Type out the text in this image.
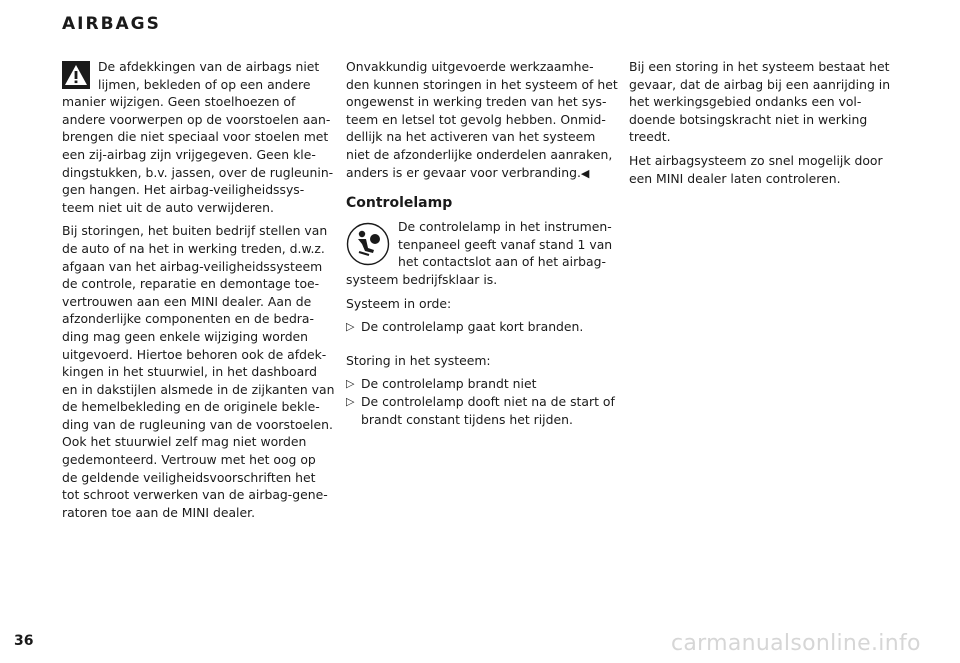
AIRBAGS

De afdekkingen van de airbags niet
lijmen, bekleden of op een andere
manier wijzigen. Geen stoelhoezen of
andere voorwerpen op de voorstoelen aan-
brengen die niet speciaal voor stoelen met
een zij-airbag zijn vrijgegeven. Geen kle-
dingstukken, b.v. jassen, over de rugleunin-
gen hangen. Het airbag-veiligheidssys-
teem niet uit de auto verwijderen.

Bij storingen, het buiten bedrijf stellen van
de auto of na het in werking treden, d.w.z.
afgaan van het airbag-veiligheidssysteem
de controle, reparatie en demontage toe-
vertrouwen aan een MINI dealer. Aan de
afzonderlijke componenten en de bedra-
ding mag geen enkele wijziging worden
uitgevoerd. Hiertoe behoren ook de afdek-
kingen in het stuurwiel, in het dashboard
en in dakstijlen alsmede in de zijkanten van
de hemelbekleding en de originele bekle-
ding van de rugleuning van de voorstoelen.
Ook het stuurwiel zelf mag niet worden
gedemonteerd. Vertrouw met het oog op
de geldende veiligheidsvoorschriften het
tot schroot verwerken van de airbag-gene-
ratoren toe aan de MINI dealer.

Onvakkundig uitgevoerde werkzaamhe-
den kunnen storingen in het systeem of het
ongewenst in werking treden van het sys-
teem en letsel tot gevolg hebben. Onmid-
dellijk na het activeren van het systeem
niet de afzonderlijke onderdelen aanraken,
anders is er gevaar voor verbranding.◀

Controlelamp

De controlelamp in het instrumen-
tenpaneel geeft vanaf stand 1 van
het contactslot aan of het airbag-
systeem bedrijfsklaar is.

Systeem in orde:

▷ De controlelamp gaat kort branden.

Storing in het systeem:

▷ De controlelamp brandt niet
▷ De controlelamp dooft niet na de start of
brandt constant tijdens het rijden.

Bij een storing in het systeem bestaat het
gevaar, dat de airbag bij een aanrijding in
het werkingsgebied ondanks een vol-
doende botsingskracht niet in werking
treedt.

Het airbagsysteem zo snel mogelijk door
een MINI dealer laten controleren.

36	carmanualsonline.info
